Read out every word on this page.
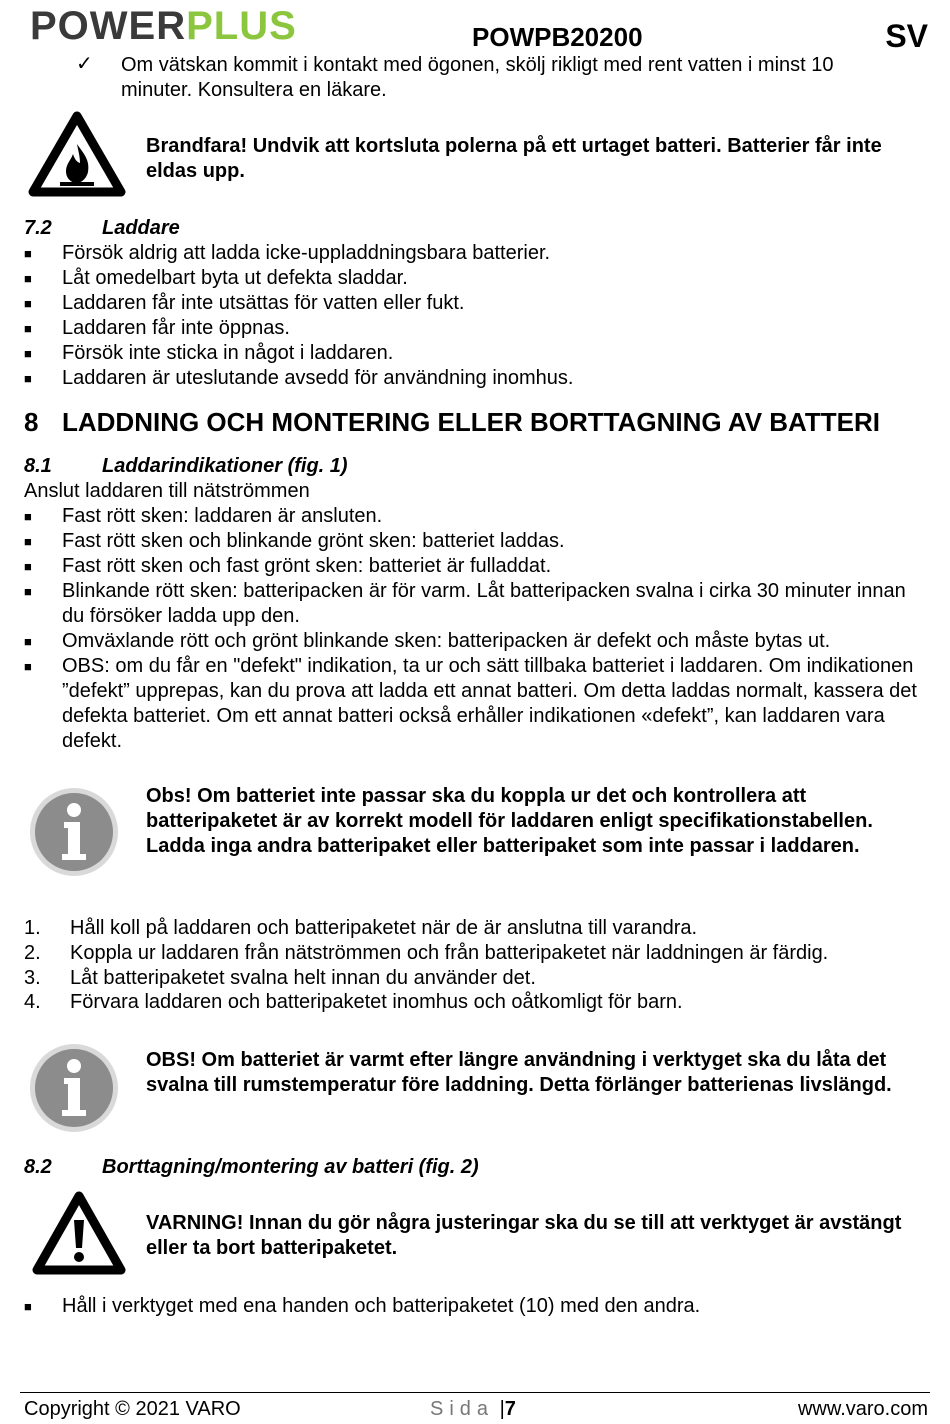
POWERPLUS	POWPB20200	SV
✓ Om vätskan kommit i kontakt med ögonen, skölj rikligt med rent vatten i minst 10 minuter. Konsultera en läkare.
Brandfara! Undvik att kortsluta polerna på ett urtaget batteri. Batterier får inte eldas upp.
7.2	Laddare
■ Försök aldrig att ladda icke-uppladdningsbara batterier.
■ Låt omedelbart byta ut defekta sladdar.
■ Laddaren får inte utsättas för vatten eller fukt.
■ Laddaren får inte öppnas.
■ Försök inte sticka in något i laddaren.
■ Laddaren är uteslutande avsedd för användning inomhus.
8 LADDNING OCH MONTERING ELLER BORTTAGNING AV BATTERI
8.1	Laddarindikationer (fig. 1)
Anslut laddaren till nätströmmen
■ Fast rött sken: laddaren är ansluten.
■ Fast rött sken och blinkande grönt sken: batteriet laddas.
■ Fast rött sken och fast grönt sken: batteriet är fulladdat.
■ Blinkande rött sken: batteripacken är för varm. Låt batteripacken svalna i cirka 30 minuter innan du försöker ladda upp den.
■ Omväxlande rött och grönt blinkande sken: batteripacken är defekt och måste bytas ut.
■ OBS: om du får en "defekt" indikation, ta ur och sätt tillbaka batteriet i laddaren. Om indikationen ”defekt” upprepas, kan du prova att ladda ett annat batteri. Om detta laddas normalt, kassera det defekta batteriet. Om ett annat batteri också erhåller indikationen «defekt”, kan laddaren vara defekt.
Obs! Om batteriet inte passar ska du koppla ur det och kontrollera att batteripaketet är av korrekt modell för laddaren enligt specifikationstabellen. Ladda inga andra batteripaket eller batteripaket som inte passar i laddaren.
1. Håll koll på laddaren och batteripaketet när de är anslutna till varandra.
2. Koppla ur laddaren från nätströmmen och från batteripaketet när laddningen är färdig.
3. Låt batteripaketet svalna helt innan du använder det.
4. Förvara laddaren och batteripaketet inomhus och oåtkomligt för barn.
OBS! Om batteriet är varmt efter längre användning i verktyget ska du låta det svalna till rumstemperatur före laddning. Detta förlänger batterienas livslängd.
8.2	Borttagning/montering av batteri (fig. 2)
VARNING! Innan du gör några justeringar ska du se till att verktyget är avstängt eller ta bort batteripaketet.
■ Håll i verktyget med ena handen och batteripaketet (10) med den andra.
Copyright © 2021 VARO	Sida |7	www.varo.com
